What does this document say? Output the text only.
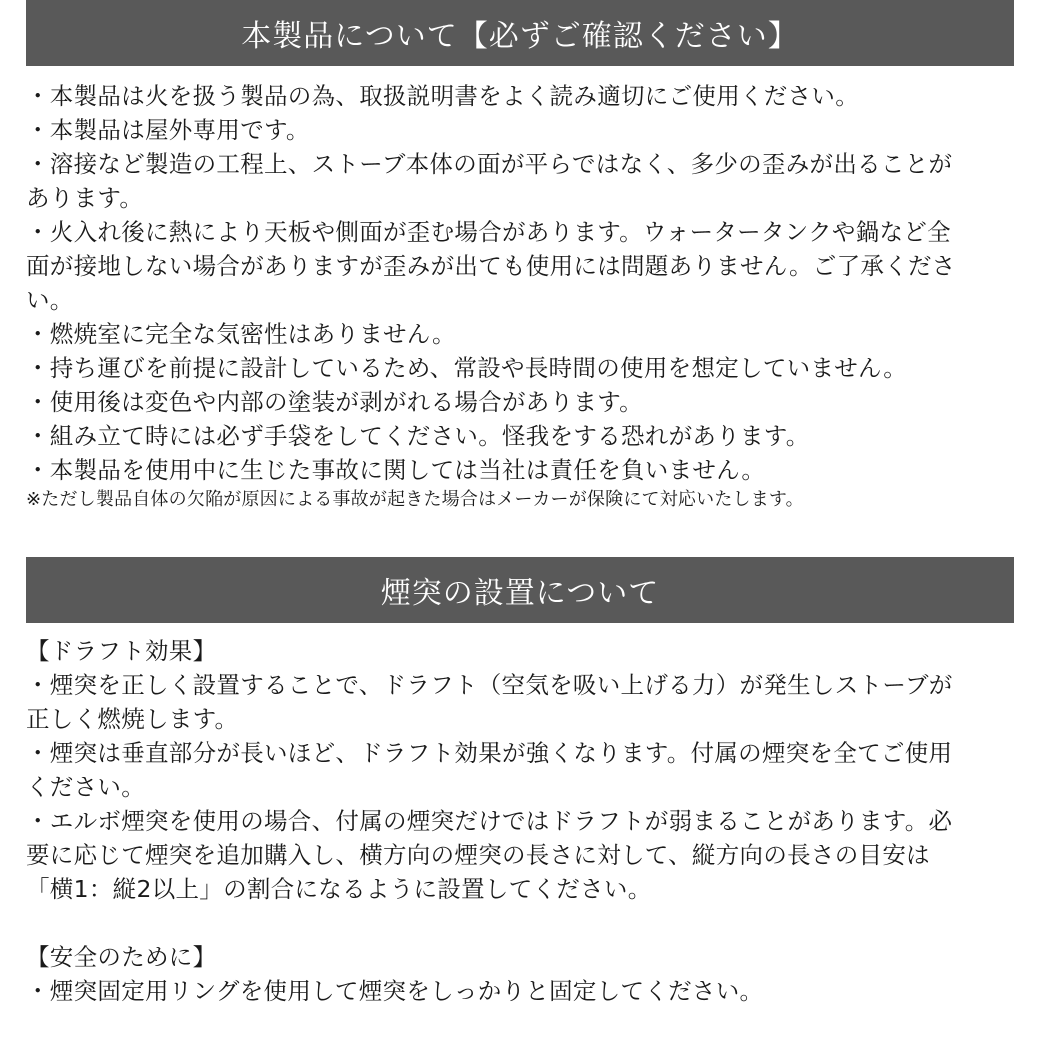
本製品について【必ずご確認ください】
・本製品は火を扱う製品の為、取扱説明書をよく読み適切にご使用ください。
・本製品は屋外専用です。
・溶接など製造の工程上、ストーブ本体の面が平らではなく、多少の歪みが出ることが
あります。
・火入れ後に熱により天板や側面が歪む場合があります。ウォータータンクや鍋など全
面が接地しない場合がありますが歪みが出ても使用には問題ありません。ご了承くださ
い。
・燃焼室に完全な気密性はありません。
・持ち運びを前提に設計しているため、常設や長時間の使用を想定していません。
・使用後は変色や内部の塗装が剥がれる場合があります。
・組み立て時には必ず手袋をしてください。怪我をする恐れがあります。
・本製品を使用中に生じた事故に関しては当社は責任を負いません。
※ただし製品自体の欠陥が原因による事故が起きた場合はメーカーが保険にて対応いたします。
煙突の設置について
【ドラフト効果】
・煙突を正しく設置することで、ドラフト（空気を吸い上げる力）が発生しストーブが
正しく燃焼します。
・煙突は垂直部分が長いほど、ドラフト効果が強くなります。付属の煙突を全てご使用
ください。
・エルボ煙突を使用の場合、付属の煙突だけではドラフトが弱まることがあります。必
要に応じて煙突を追加購入し、横方向の煙突の長さに対して、縦方向の長さの目安は
「横1：縦2以上」の割合になるように設置してください。
【安全のために】
・煙突固定用リングを使用して煙突をしっかりと固定してください。
